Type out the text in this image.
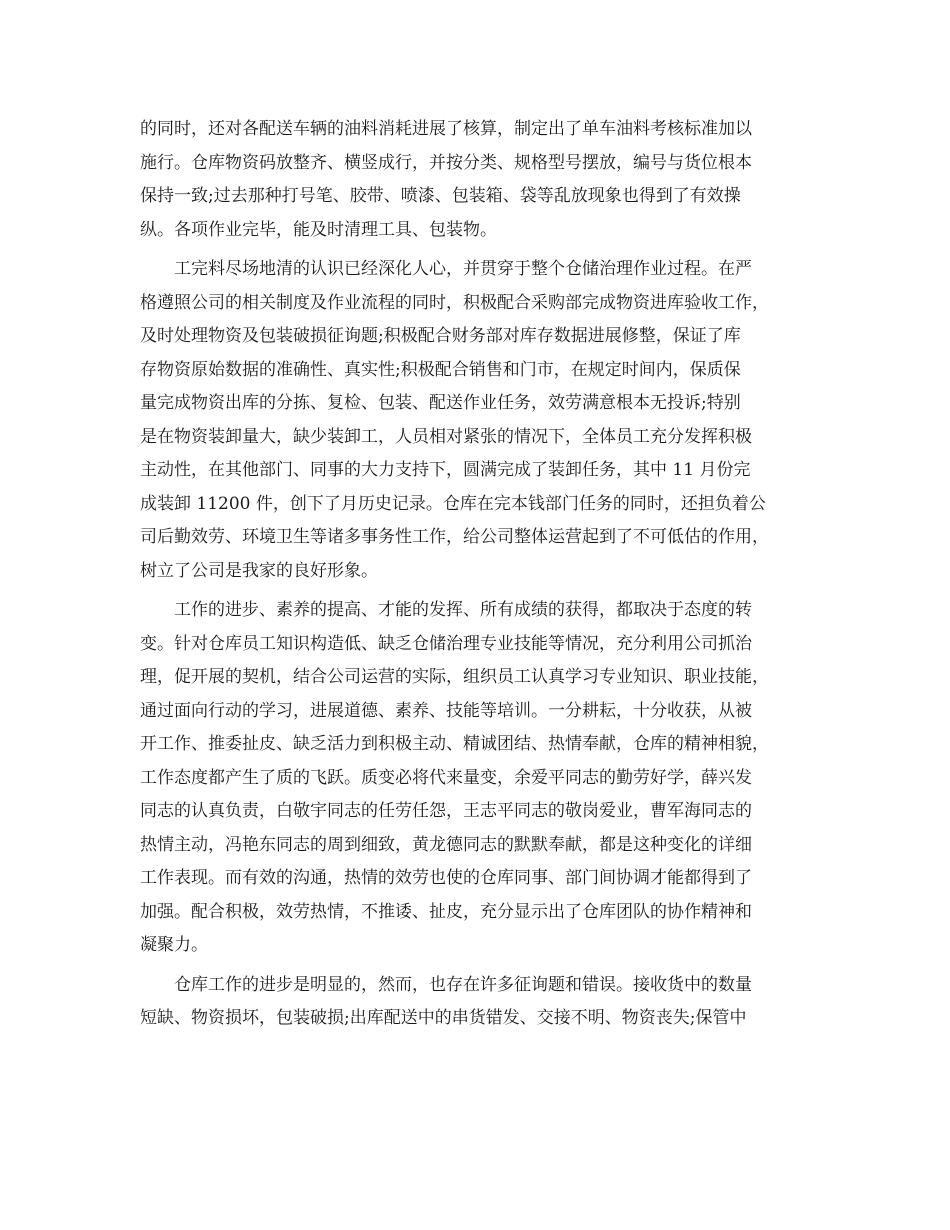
的同时，还对各配送车辆的油料消耗进展了核算，制定出了单车油料考核标准加以
施行。仓库物资码放整齐、横竖成行，并按分类、规格型号摆放，编号与货位根本
保持一致;过去那种打号笔、胶带、喷漆、包装箱、袋等乱放现象也得到了有效操
纵。各项作业完毕，能及时清理工具、包装物。
工完料尽场地清的认识已经深化人心，并贯穿于整个仓储治理作业过程。在严
格遵照公司的相关制度及作业流程的同时，积极配合采购部完成物资进库验收工作，
及时处理物资及包装破损征询题;积极配合财务部对库存数据进展修整，保证了库
存物资原始数据的准确性、真实性;积极配合销售和门市，在规定时间内，保质保
量完成物资出库的分拣、复检、包装、配送作业任务，效劳满意根本无投诉;特别
是在物资装卸量大，缺少装卸工，人员相对紧张的情况下，全体员工充分发挥积极
主动性，在其他部门、同事的大力支持下，圆满完成了装卸任务，其中 11 月份完
成装卸 11200 件，创下了月历史记录。仓库在完本钱部门任务的同时，还担负着公
司后勤效劳、环境卫生等诸多事务性工作，给公司整体运营起到了不可低估的作用，
树立了公司是我家的良好形象。
工作的进步、素养的提高、才能的发挥、所有成绩的获得，都取决于态度的转
变。针对仓库员工知识构造低、缺乏仓储治理专业技能等情况，充分利用公司抓治
理，促开展的契机，结合公司运营的实际，组织员工认真学习专业知识、职业技能，
通过面向行动的学习，进展道德、素养、技能等培训。一分耕耘，十分收获，从被
开工作、推委扯皮、缺乏活力到积极主动、精诚团结、热情奉献，仓库的精神相貌，
工作态度都产生了质的飞跃。质变必将代来量变，余爱平同志的勤劳好学，薛兴发
同志的认真负责，白敬宇同志的任劳任怨，王志平同志的敬岗爱业，曹军海同志的
热情主动，冯艳东同志的周到细致，黄龙德同志的默默奉献，都是这种变化的详细
工作表现。而有效的沟通，热情的效劳也使的仓库同事、部门间协调才能都得到了
加强。配合积极，效劳热情，不推诿、扯皮，充分显示出了仓库团队的协作精神和
凝聚力。
仓库工作的进步是明显的，然而，也存在许多征询题和错误。接收货中的数量
短缺、物资损坏，包装破损;出库配送中的串货错发、交接不明、物资丧失;保管中
